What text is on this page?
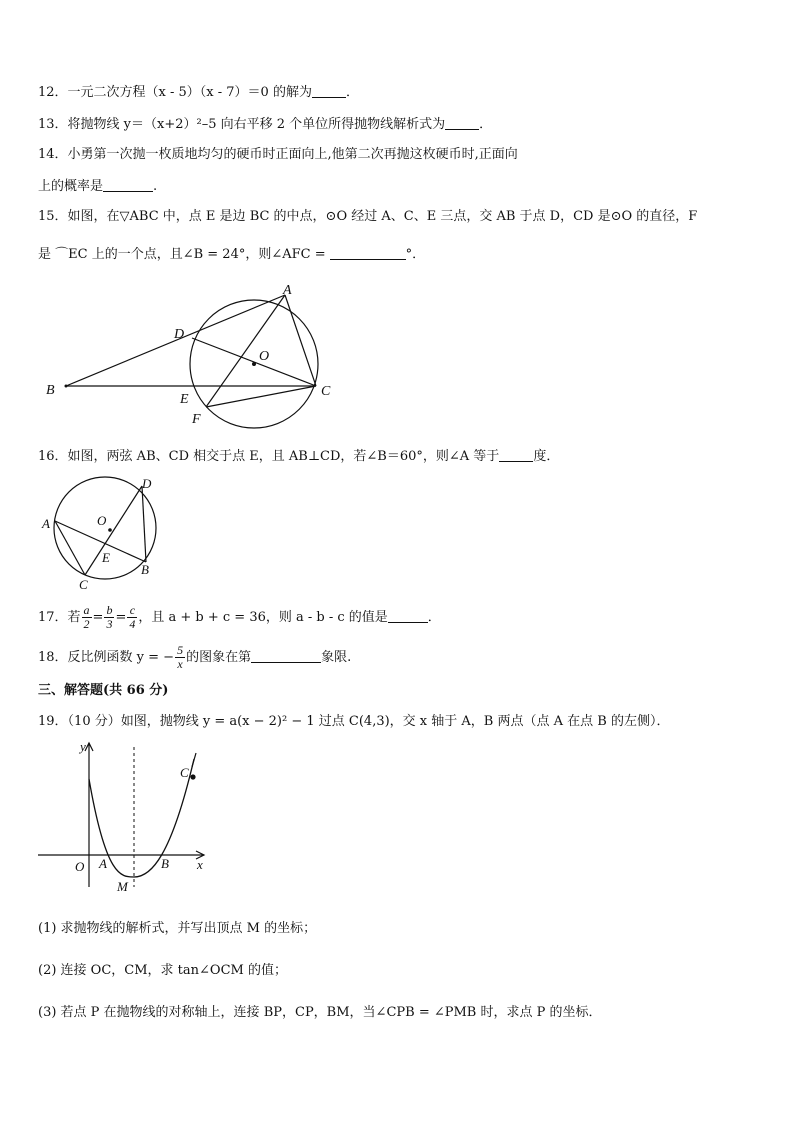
12．一元二次方程（x - 5）（x - 7）＝0 的解为	．
13．将抛物线 y＝（x+2）²–5 向右平移 2 个单位所得抛物线解析式为	．
14．小勇第一次抛一枚质地均匀的硬币时正面向上,他第二次再抛这枚硬币时,正面向
上的概率是	.
15．如图，在▽ABC 中，点 E 是边 BC 的中点，⊙O 经过 A、C、E 三点，交 AB 于点 D，CD 是⊙O 的直径，F
是 ⌒EC 上的一个点，且∠B = 24°，则∠AFC =	°．
A
B	C
D
E
F
O
16．如图，两弦 AB、CD 相交于点 E，且 AB⊥CD，若∠B＝60°，则∠A 等于	度．
A
B
C
D
E
O
17．若 $\frac{a}{2} = \frac{b}{3} = \frac{c}{4}$ ，且 a + b + c = 36，则 a - b - c 的值是	．
18．反比例函数 y = − $\frac{5}{x}$ 的图象在第	象限.
三、解答题(共 66 分)
19．（10 分）如图，抛物线 y = a(x − 2)² − 1 过点 C(4,3)，交 x 轴于 A，B 两点（点 A 在点 B 的左侧）．
y
x
O A	B
C
M
(1) 求抛物线的解析式，并写出顶点 M 的坐标；
(2) 连接 OC，CM，求 tan∠OCM 的值；
(3) 若点 P 在抛物线的对称轴上，连接 BP，CP，BM，当∠CPB = ∠PMB 时，求点 P 的坐标．
